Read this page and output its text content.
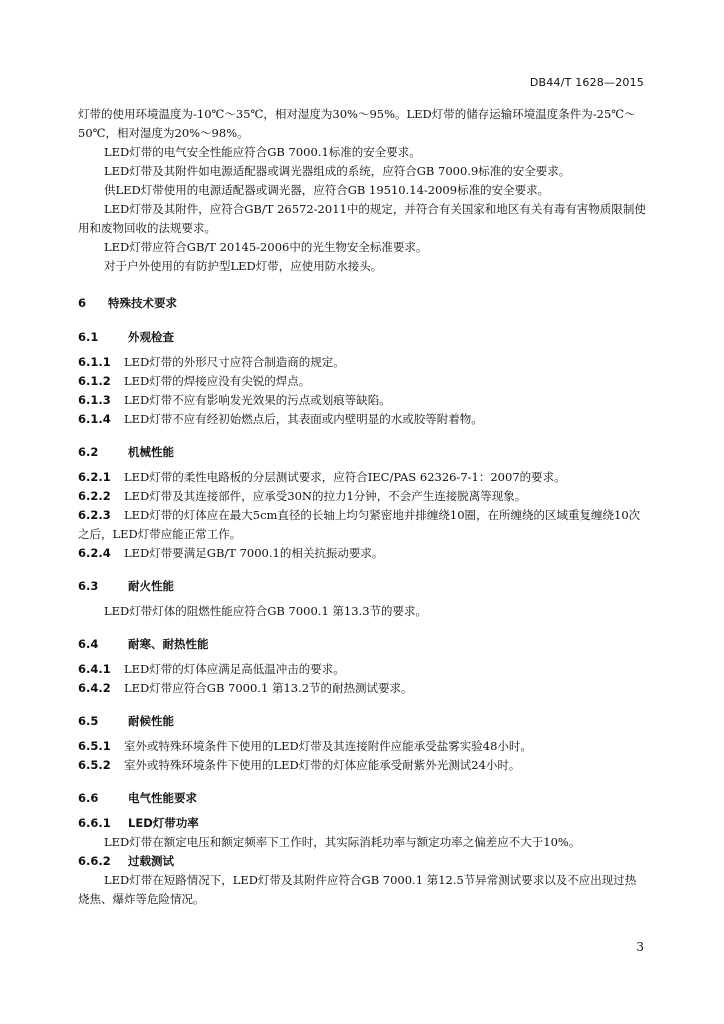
DB44/T 1628—2015

灯带的使用环境温度为-10℃～35℃，相对湿度为30%～95%。LED灯带的储存运输环境温度条件为-25℃～50℃，相对湿度为20%～98%。

LED灯带的电气安全性能应符合GB 7000.1标准的安全要求。

LED灯带及其附件如电源适配器或调光器组成的系统，应符合GB 7000.9标准的安全要求。

供LED灯带使用的电源适配器或调光器，应符合GB 19510.14-2009标准的安全要求。

LED灯带及其附件，应符合GB/T 26572-2011中的规定，并符合有关国家和地区有关有毒有害物质限制使用和废物回收的法规要求。

LED灯带应符合GB/T 20145-2006中的光生物安全标准要求。

对于户外使用的有防护型LED灯带，应使用防水接头。

6 特殊技术要求
6.1	外观检查

6.1.1 LED灯带的外形尺寸应符合制造商的规定。

6.1.2 LED灯带的焊接应没有尖锐的焊点。

6.1.3 LED灯带不应有影响发光效果的污点或划痕等缺陷。

6.1.4 LED灯带不应有经初始燃点后，其表面或内壁明显的水或胶等附着物。

6.2	机械性能

6.2.1 LED灯带的柔性电路板的分层测试要求，应符合IEC/PAS 62326-7-1：2007的要求。

6.2.2 LED灯带及其连接部件，应承受30N的拉力1分钟，不会产生连接脱离等现象。

6.2.3 LED灯带的灯体应在最大5cm直径的长轴上均匀紧密地并排缠绕10圈，在所缠绕的区域重复缠绕10次之后，LED灯带应能正常工作。

6.2.4 LED灯带要满足GB/T 7000.1的相关抗振动要求。

6.3	耐火性能

LED灯带灯体的阻燃性能应符合GB 7000.1 第13.3节的要求。

6.4	耐寒、耐热性能

6.4.1 LED灯带的灯体应满足高低温冲击的要求。

6.4.2 LED灯带应符合GB 7000.1 第13.2节的耐热测试要求。

6.5	耐候性能

6.5.1 室外或特殊环境条件下使用的LED灯带及其连接附件应能承受盐雾实验48小时。

6.5.2 室外或特殊环境条件下使用的LED灯带的灯体应能承受耐紫外光测试24小时。

6.6	电气性能要求
6.6.1 LED灯带功率

LED灯带在额定电压和额定频率下工作时，其实际消耗功率与额定功率之偏差应不大于10%。

6.6.2 过载测试

LED灯带在短路情况下，LED灯带及其附件应符合GB 7000.1 第12.5节异常测试要求以及不应出现过热烧焦、爆炸等危险情况。

3
